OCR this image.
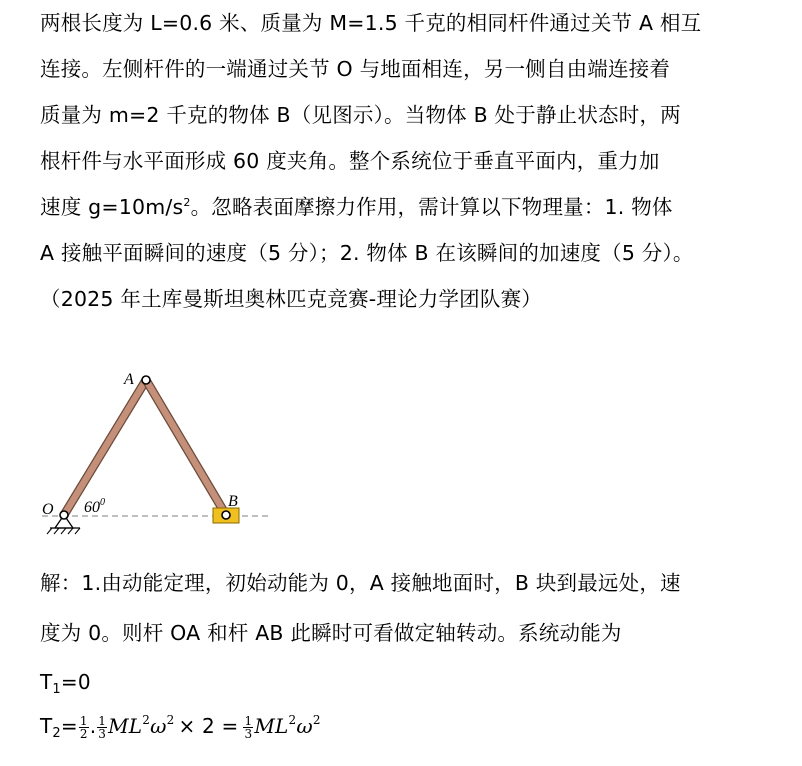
两根长度为 L=0.6 米、质量为 M=1.5 千克的相同杆件通过关节 A 相互
连接。左侧杆件的一端通过关节 O 与地面相连，另一侧自由端连接着
质量为 m=2 千克的物体 B（见图示）。当物体 B 处于静止状态时，两
根杆件与水平面形成 60 度夹角。整个系统位于垂直平面内，重力加
速度 $g=10m/s^2$。忽略表面摩擦力作用，需计算以下物理量：1. 物体
A 接触平面瞬间的速度（5 分）；2. 物体 B 在该瞬间的加速度（5 分）。
（2025 年土库曼斯坦奥林匹克竞赛-理论力学团队赛）
A
O	B
$60^0$
解：1.由动能定理，初始动能为 0，A 接触地面时，B 块到最远处，速
度为 0。则杆 OA 和杆 AB 此瞬时可看做定轴转动。系统动能为
$T_1=0$
$T_2= \frac{1}{2}$ . $\frac{1}{3} ML^2\omega^2 \times 2 = \frac{1}{3} ML^2\omega^2$
